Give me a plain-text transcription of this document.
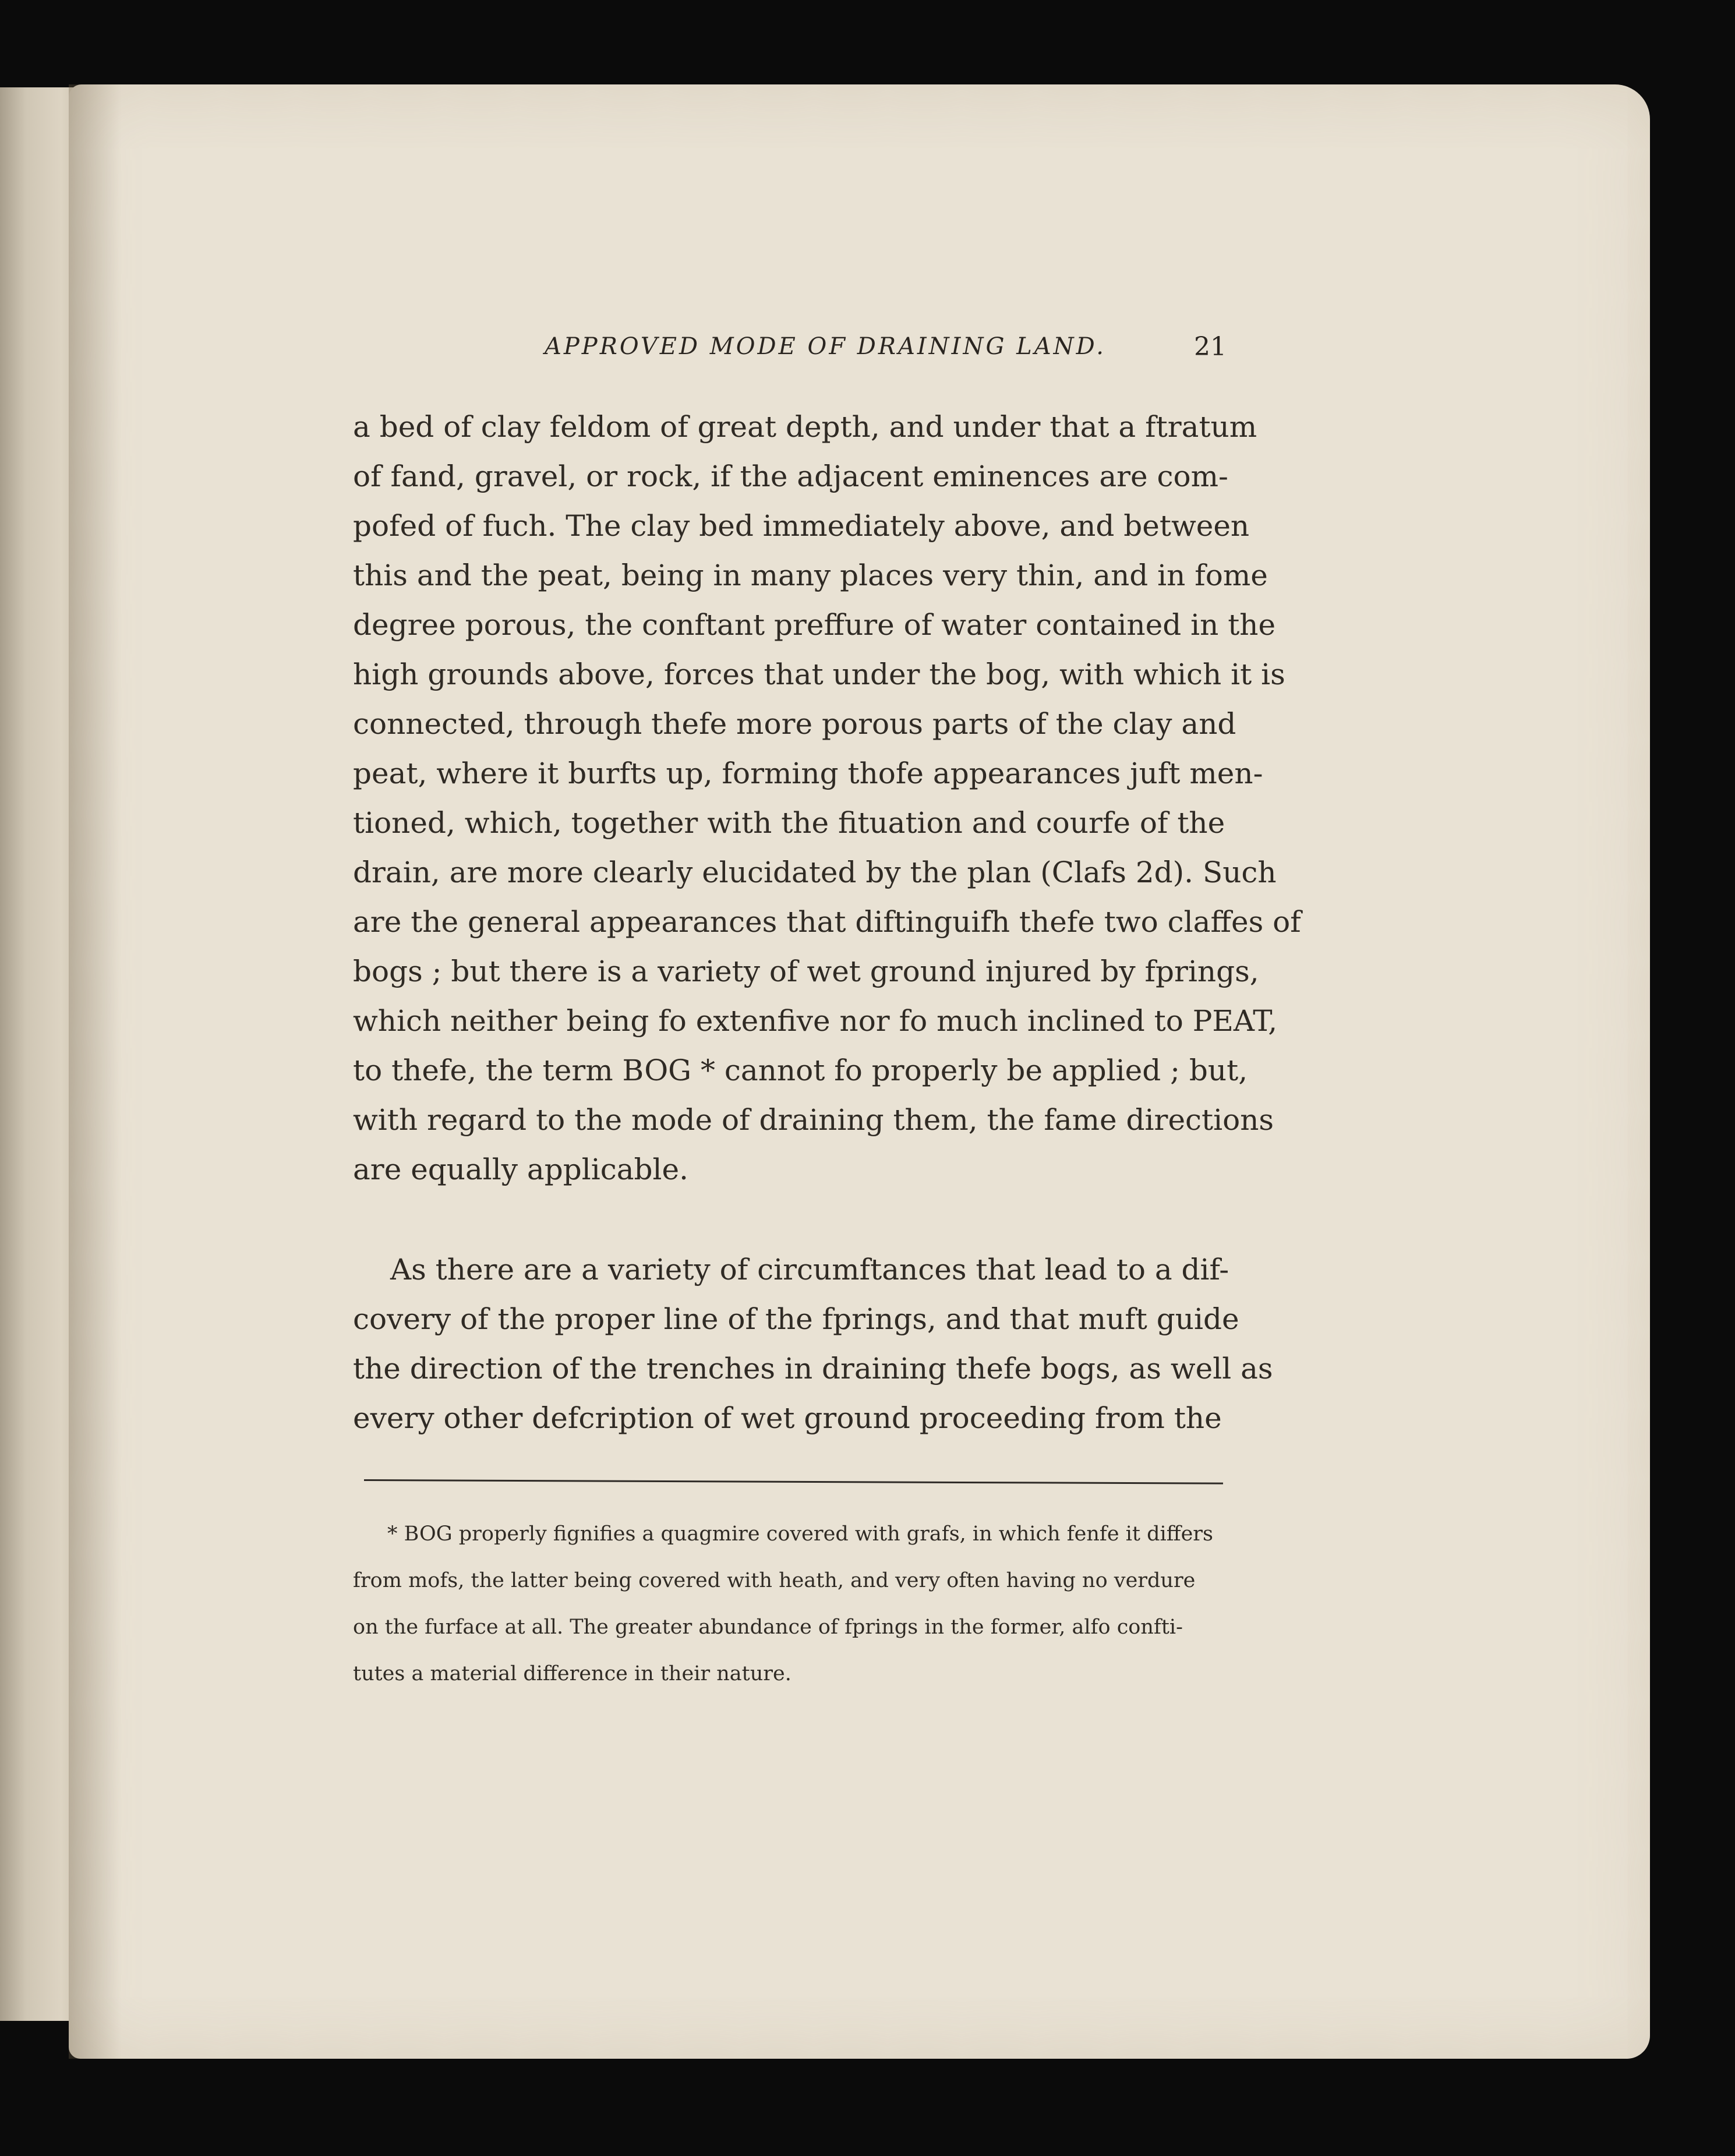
APPROVED MODE OF DRAINING LAND.	21
a bed of clay feldom of great depth, and under that a ftratum
of fand, gravel, or rock, if the adjacent eminences are com-
pofed of fuch. The clay bed immediately above, and between
this and the peat, being in many places very thin, and in fome
degree porous, the conftant preffure of water contained in the
high grounds above, forces that under the bog, with which it is
connected, through thefe more porous parts of the clay and
peat, where it burfts up, forming thofe appearances juft men-
tioned, which, together with the fituation and courfe of the
drain, are more clearly elucidated by the plan (Clafs 2d). Such
are the general appearances that diftinguifh thefe two claffes of
bogs ; but there is a variety of wet ground injured by fprings,
which neither being fo extenfive nor fo much inclined to PEAT,
to thefe, the term BOG * cannot fo properly be applied ; but,
with regard to the mode of draining them, the fame directions
are equally applicable.
As there are a variety of circumftances that lead to a dif-
covery of the proper line of the fprings, and that muft guide
the direction of the trenches in draining thefe bogs, as well as
every other defcription of wet ground proceeding from the
* BOG properly fignifies a quagmire covered with grafs, in which fenfe it differs
from mofs, the latter being covered with heath, and very often having no verdure
on the furface at all. The greater abundance of fprings in the former, alfo confti-
tutes a material difference in their nature.
